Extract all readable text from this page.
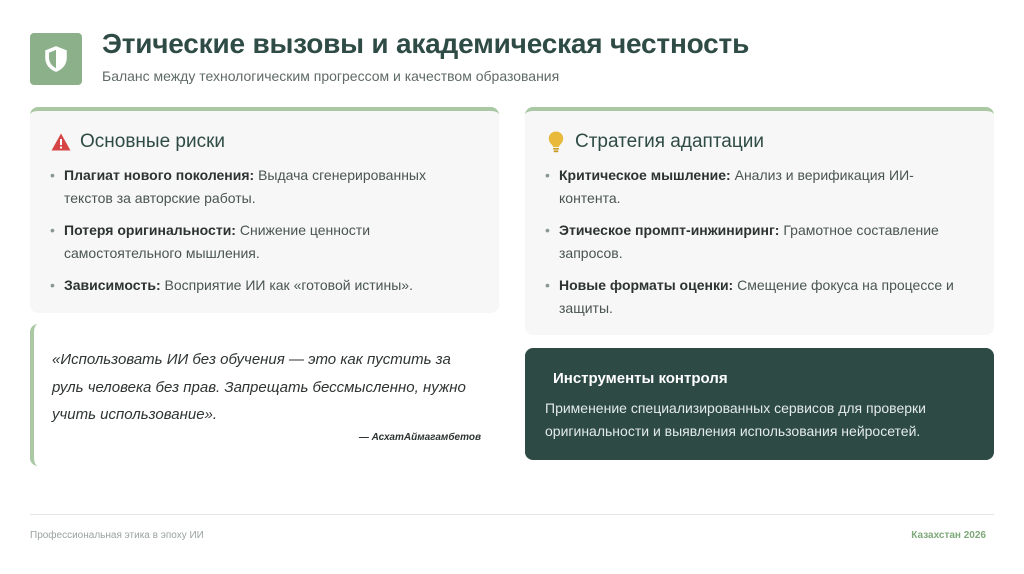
Этические вызовы и академическая честность
Баланс между технологическим прогрессом и качеством образования
Основные риски
• Плагиат нового поколения: Выдача сгенерированных текстов за авторские работы.
• Потеря оригинальности: Снижение ценности самостоятельного мышления.
• Зависимость: Восприятие ИИ как «готовой истины».
Стратегия адаптации
• Критическое мышление: Анализ и верификация ИИ-контента.
• Этическое промпт-инжиниринг: Грамотное составление запросов.
• Новые форматы оценки: Смещение фокуса на процессе и защиты.
«Использовать ИИ без обучения — это как пустить за руль человека без прав. Запрещать бессмысленно, нужно учить использование».
— АсхатАймагамбетов
Инструменты контроля
Применение специализированных сервисов для проверки оригинальности и выявления использования нейросетей.
Профессиональная этика в эпоху ИИ	Казахстан 2026
